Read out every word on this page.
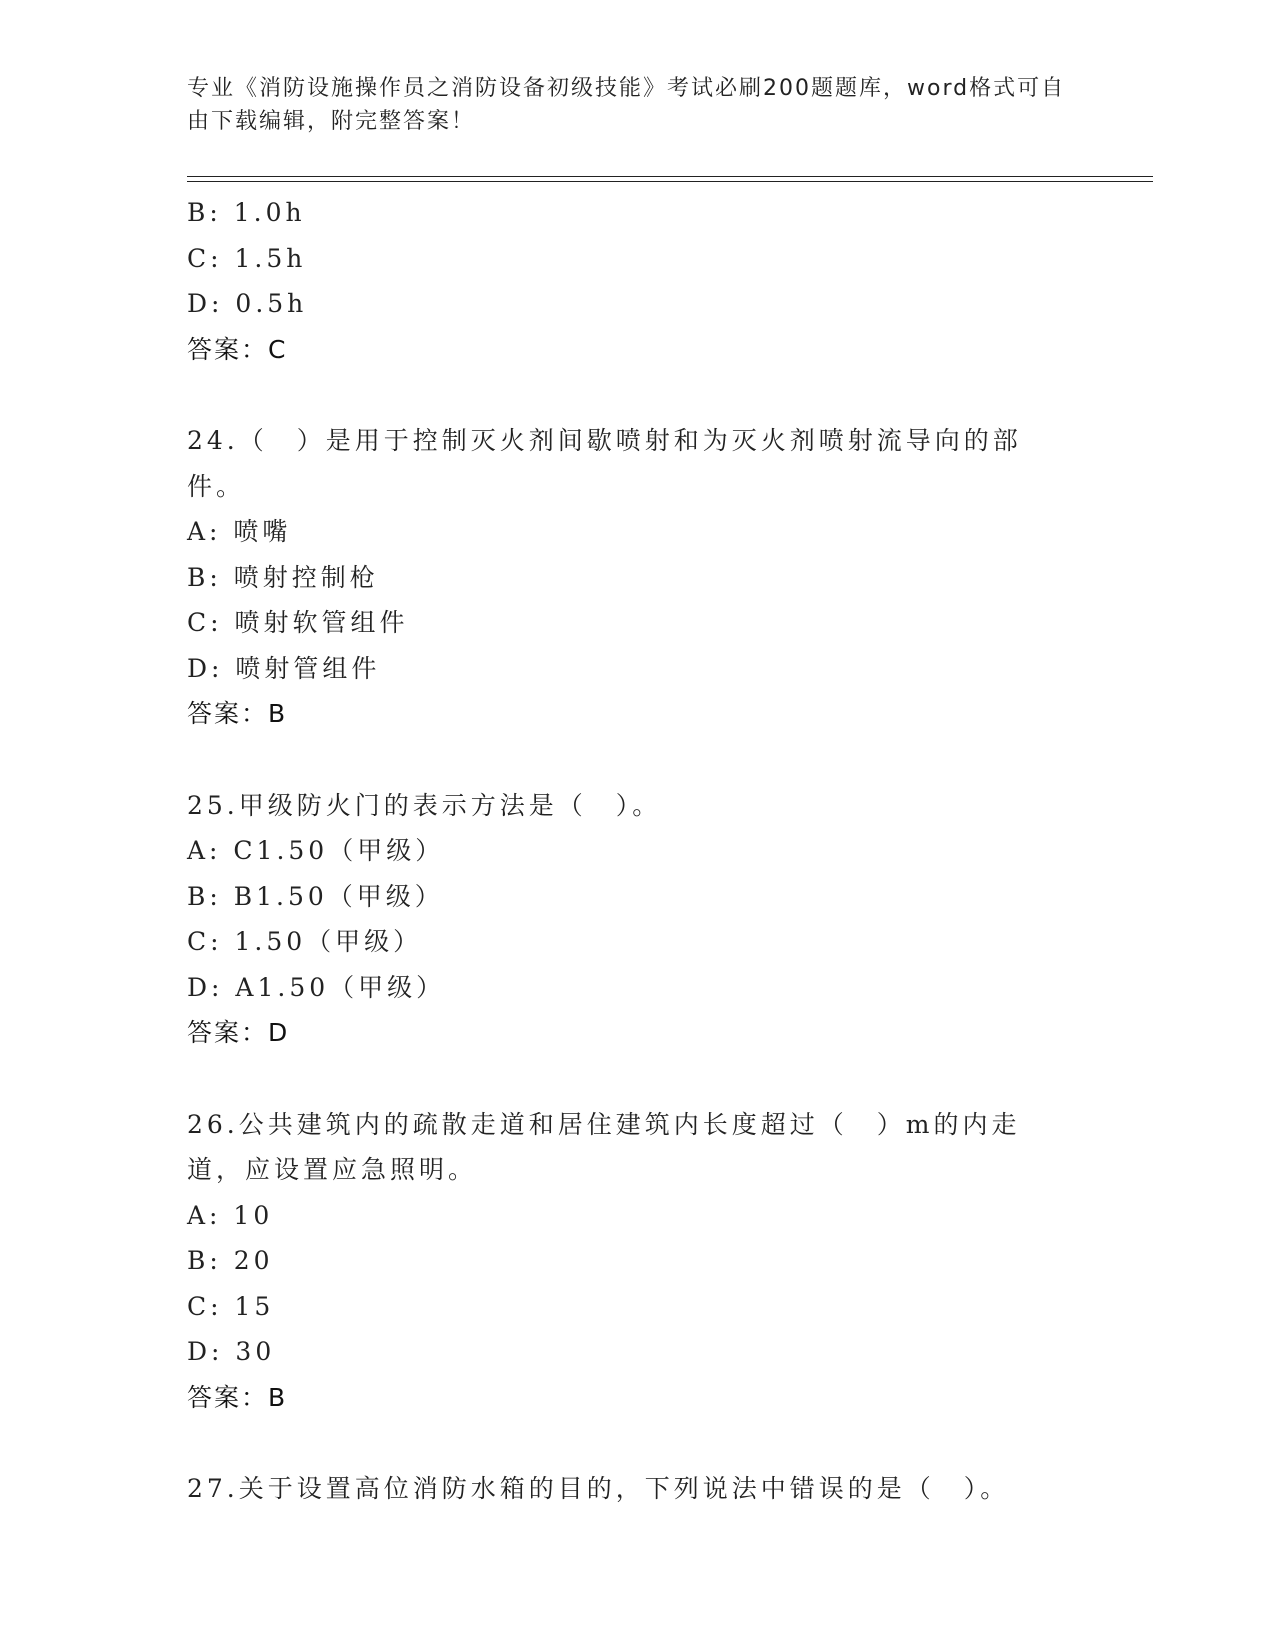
专业《消防设施操作员之消防设备初级技能》考试必刷200题题库，word格式可自由下载编辑，附完整答案！
B: 1.0h
C: 1.5h
D: 0.5h
答案：C
24.（　）是用于控制灭火剂间歇喷射和为灭火剂喷射流导向的部件。
A: 喷嘴
B: 喷射控制枪
C: 喷射软管组件
D: 喷射管组件
答案：B
25.甲级防火门的表示方法是（　）。
A: C1.50（甲级）
B: B1.50（甲级）
C: 1.50（甲级）
D: A1.50（甲级）
答案：D
26.公共建筑内的疏散走道和居住建筑内长度超过（　）m的内走道，应设置应急照明。
A: 10
B: 20
C: 15
D: 30
答案：B
27.关于设置高位消防水箱的目的，下列说法中错误的是（　）。
